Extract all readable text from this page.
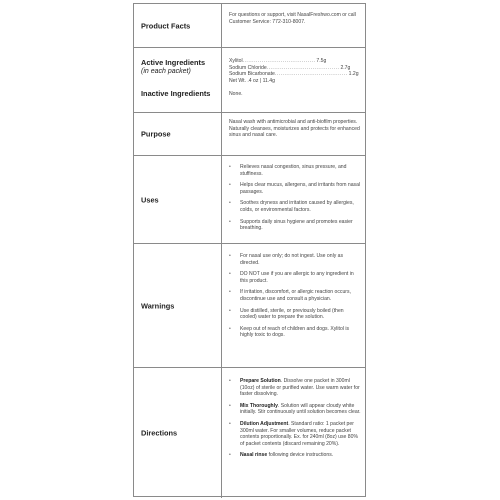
Product Facts
For questions or support, visit NasalFreshwo.com or call Customer Service: 772-310-8007.
Active Ingredients
(in each packet)
Inactive Ingredients
Xylitol ...................................... 7.5g
Sodium Chloride ...................................... 2.7g
Sodium Bicarbonate ...................................... 1.2g
Net Wt. .4 oz | 11.4g
None.
Purpose
Nasal wash with antimicrobial and anti-biofilm properties. Naturally cleanses, moisturizes and protects for enhanced sinus and nasal care.
Uses
• Relieves nasal congestion, sinus pressure, and stuffiness.
• Helps clear mucus, allergens, and irritants from nasal passages.
• Soothes dryness and irritation caused by allergies, colds, or environmental factors.
• Supports daily sinus hygiene and promotes easier breathing.
Warnings
• For nasal use only; do not ingest. Use only as directed.
• DO NOT use if you are allergic to any ingredient in this product.
• If irritation, discomfort, or allergic reaction occurs, discontinue use and consult a physician.
• Use distilled, sterile, or previously boiled (then cooled) water to prepare the solution.
• Keep out of reach of children and dogs. Xylitol is highly toxic to dogs.
Directions
• Prepare Solution. Dissolve one packet in 300ml (10oz) of sterile or purified water. Use warm water for faster dissolving.
• Mix Thoroughly. Solution will appear cloudy white initially. Stir continuously until solution becomes clear.
• Dilution Adjustment. Standard ratio: 1 packet per 300ml water. For smaller volumes, reduce packet contents proportionally. Ex. for 240ml (8oz) use 80% of packet contents (discard remaining 20%).
• Nasal rinse following device instructions.
